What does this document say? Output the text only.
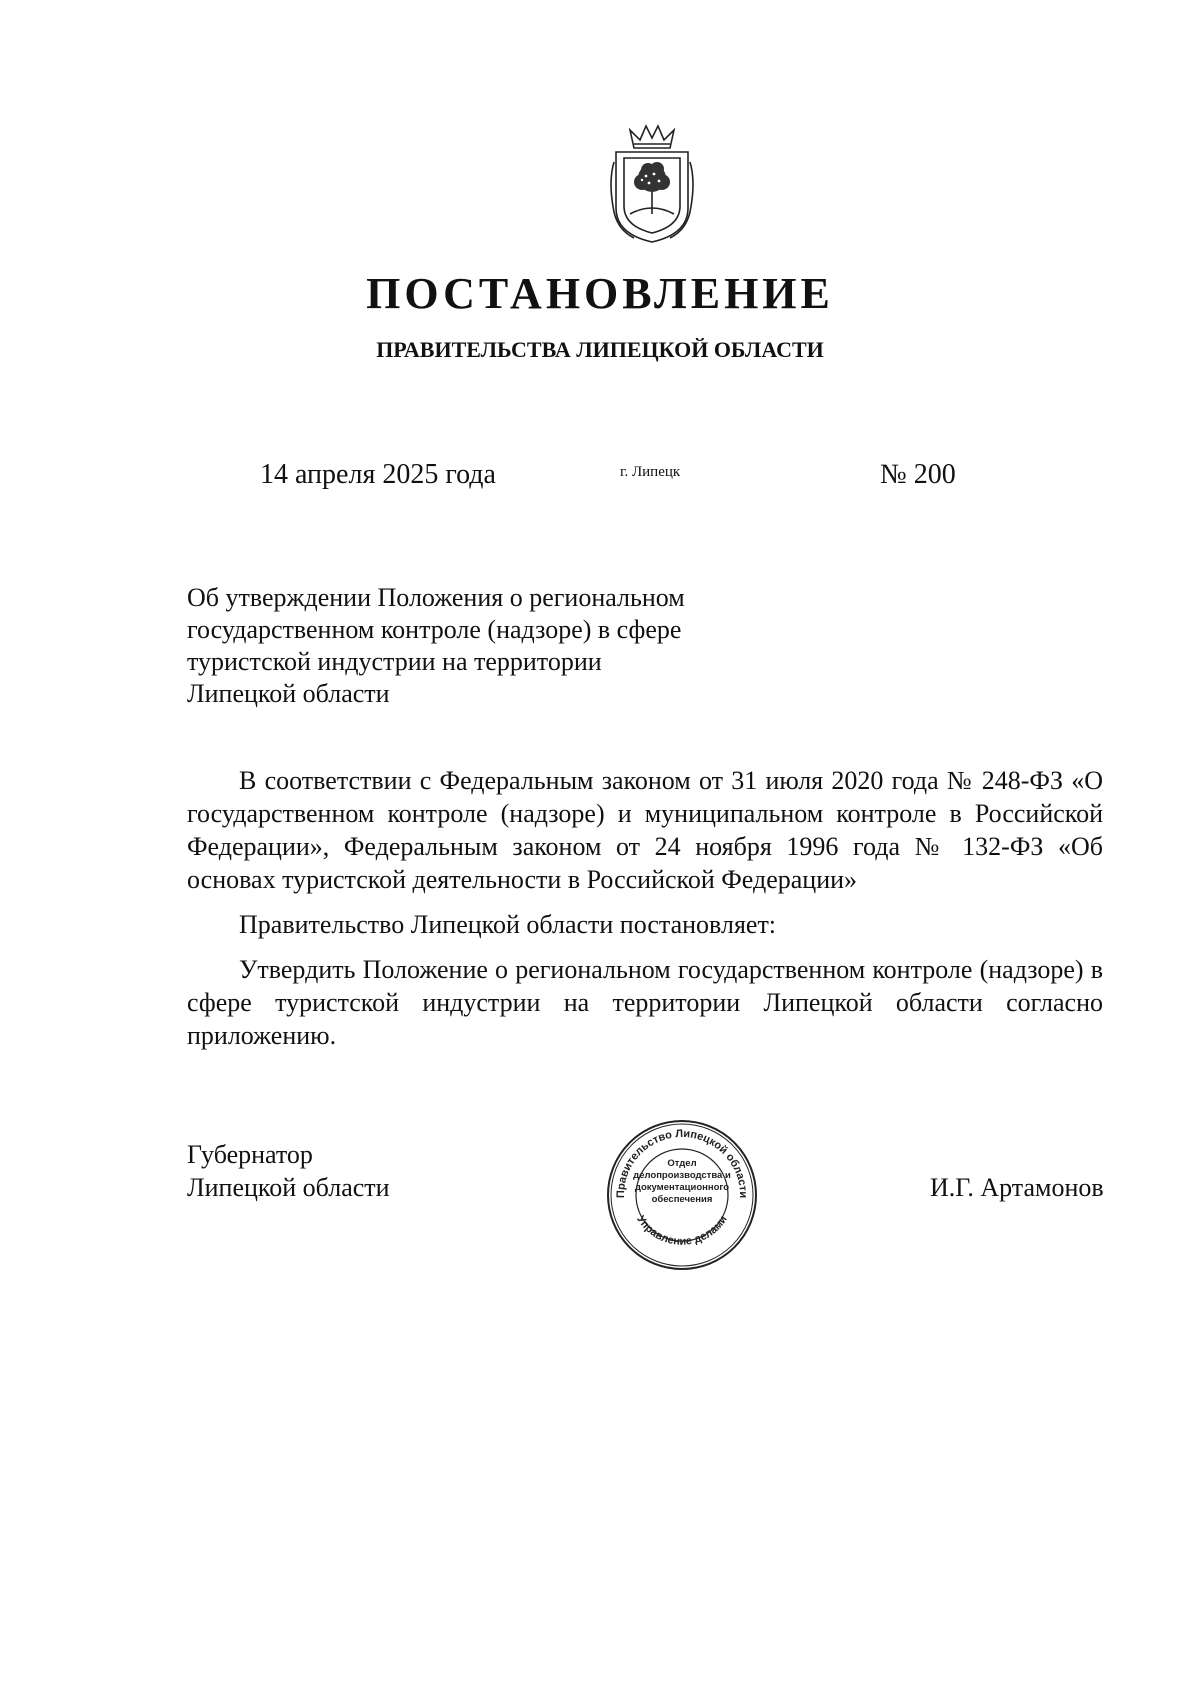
ПОСТАНОВЛЕНИЕ
ПРАВИТЕЛЬСТВА ЛИПЕЦКОЙ ОБЛАСТИ
14 апреля 2025 года	г. Липецк	№ 200
Об утверждении Положения о региональном
государственном контроле (надзоре) в сфере
туристской индустрии на территории
Липецкой области

В соответствии с Федеральным законом от 31 июля 2020 года № 248-ФЗ «О государственном контроле (надзоре) и муниципальном контроле в Российской Федерации», Федеральным законом от 24 ноября 1996 года № 132-ФЗ «Об основах туристской деятельности в Российской Федерации»

Правительство Липецкой области постановляет:

Утвердить Положение о региональном государственном контроле (надзоре) в сфере туристской индустрии на территории Липецкой области согласно приложению.

Губернатор
Липецкой области	Правительство Липецкой области
Управление делами
Отдел
делопроизводства и
документационного
обеспечения	И.Г. Артамонов
